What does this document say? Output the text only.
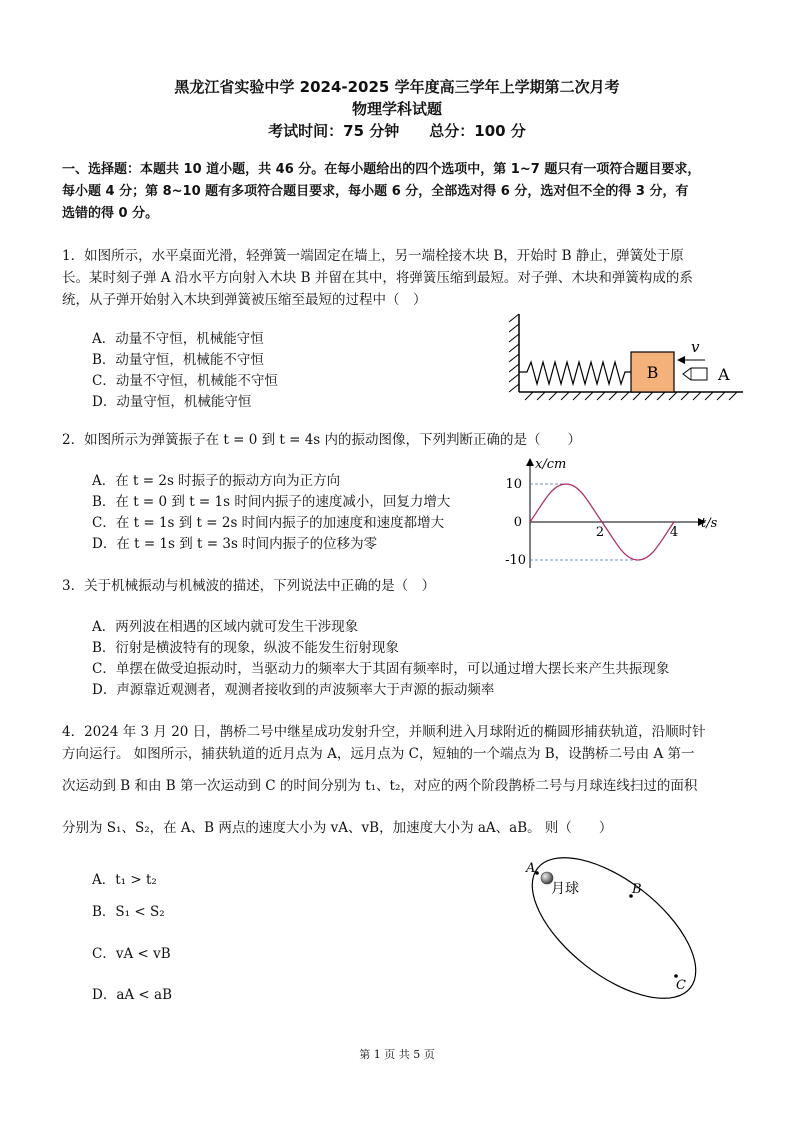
黑龙江省实验中学 2024-2025 学年度高三学年上学期第二次月考
物理学科试题
考试时间：75 分钟　　总分：100 分
一、选择题：本题共 10 道小题，共 46 分。在每小题给出的四个选项中，第 1~7 题只有一项符合题目要求，
每小题 4 分；第 8~10 题有多项符合题目要求，每小题 6 分，全部选对得 6 分，选对但不全的得 3 分，有
选错的得 0 分。
1．如图所示，水平桌面光滑，轻弹簧一端固定在墙上，另一端栓接木块 B，开始时 B 静止，弹簧处于原
长。某时刻子弹 A 沿水平方向射入木块 B 并留在其中，将弹簧压缩到最短。对子弹、木块和弹簧构成的系
统，从子弹开始射入木块到弹簧被压缩至最短的过程中（　）
A．动量不守恒，机械能守恒
B．动量守恒，机械能不守恒
C．动量不守恒，机械能不守恒
D．动量守恒，机械能守恒
B
v
A
2．如图所示为弹簧振子在 t = 0 到 t = 4s 内的振动图像，下列判断正确的是（　　）
A．在 t = 2s 时振子的振动方向为正方向
B．在 t = 0 到 t = 1s 时间内振子的速度减小，回复力增大
C．在 t = 1s 到 t = 2s 时间内振子的加速度和速度都增大
D．在 t = 1s 到 t = 3s 时间内振子的位移为零
x/cm
t/s
10
0
-10
2	4
3．关于机械振动与机械波的描述，下列说法中正确的是（　）
A．两列波在相遇的区域内就可发生干涉现象
B．衍射是横波特有的现象，纵波不能发生衍射现象
C．单摆在做受迫振动时，当驱动力的频率大于其固有频率时，可以通过增大摆长来产生共振现象
D．声源靠近观测者，观测者接收到的声波频率大于声源的振动频率
4．2024 年 3 月 20 日，鹊桥二号中继星成功发射升空，并顺利进入月球附近的椭圆形捕获轨道，沿顺时针
方向运行。 如图所示，捕获轨道的近月点为 A，远月点为 C，短轴的一个端点为 B，设鹊桥二号由 A 第一
次运动到 B 和由 B 第一次运动到 C 的时间分别为 t₁、t₂，对应的两个阶段鹊桥二号与月球连线扫过的面积
分别为 S₁、S₂，在 A、B 两点的速度大小为 vA、vB，加速度大小为 aA、aB。 则（　　）
A．t₁ > t₂
B．S₁ < S₂
C．vA < vB
D．aA < aB
月球
A
B
C
第 1 页 共 5 页
